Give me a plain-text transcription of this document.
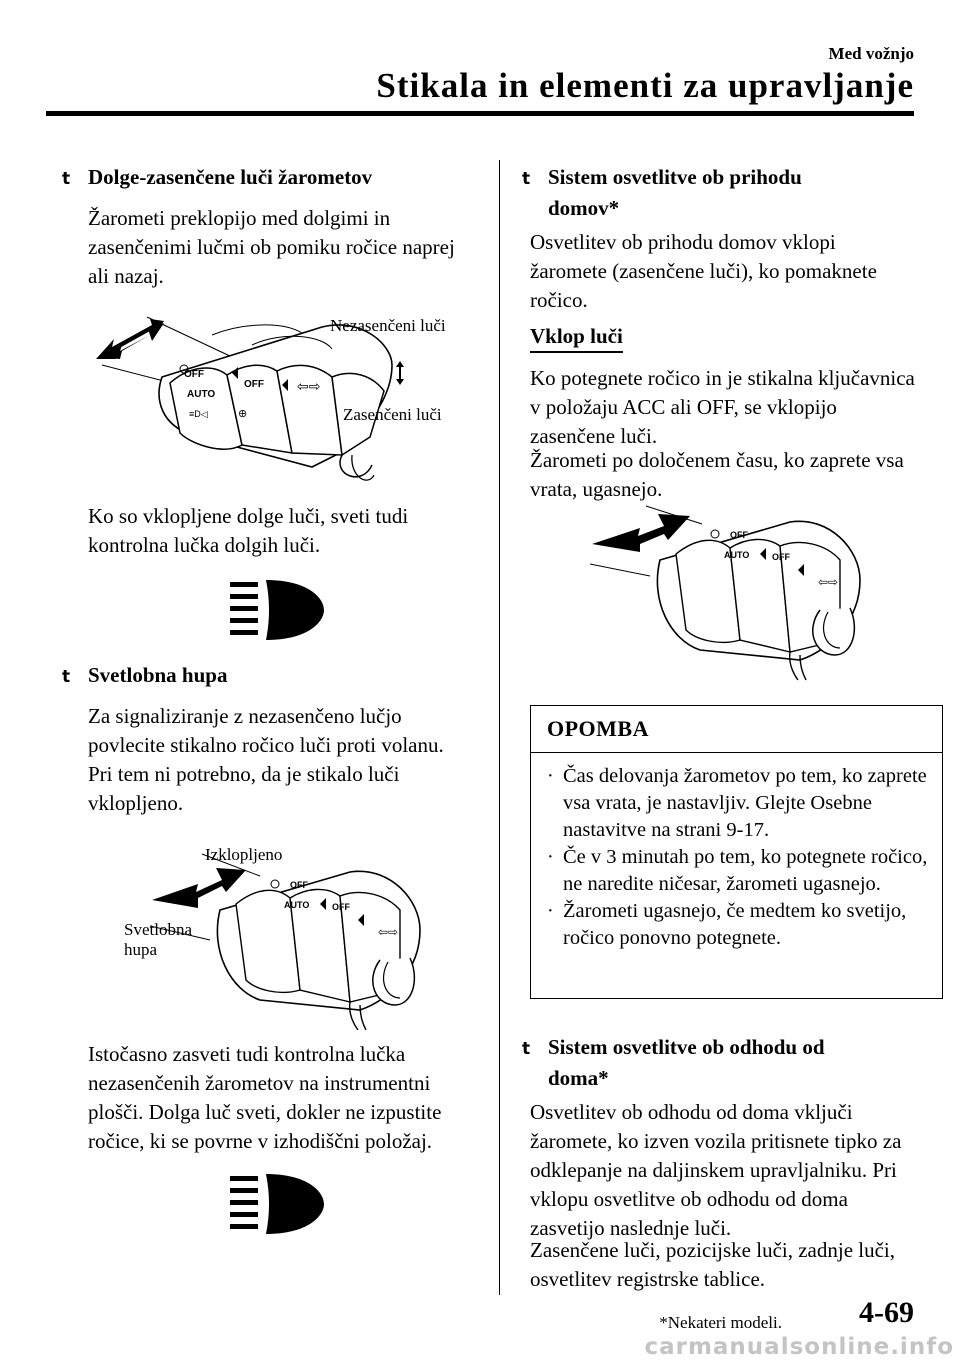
Med vožnjo
Stikala in elementi za upravljanje
t Dolge-zasenčene luči žarometov
Žarometi preklopijo med dolgimi in zasenčenimi lučmi ob pomiku ročice naprej ali nazaj.
OFF
AUTO
OFF ⇦⇨
≡D◁	⊕
Nezasenčeni luči
Zasenčeni luči
Ko so vklopljene dolge luči, sveti tudi kontrolna lučka dolgih luči.
t Svetlobna hupa
Za signaliziranje z nezasenčeno lučjo povlecite stikalno ročico luči proti volanu. Pri tem ni potrebno, da je stikalo luči vklopljeno.
OFF
AUTO	OFF
⇦⇨
Izklopljeno
Svetlobna
hupa
Istočasno zasveti tudi kontrolna lučka nezasenčenih žarometov na instrumentni plošči. Dolga luč sveti, dokler ne izpustite ročice, ki se povrne v izhodiščni položaj.
t Sistem osvetlitve ob prihodu
domov*
Osvetlitev ob prihodu domov vklopi žaromete (zasenčene luči), ko pomaknete ročico.
Vklop luči
Ko potegnete ročico in je stikalna ključavnica v položaju ACC ali OFF, se vklopijo zasenčene luči.
Žarometi po določenem času, ko zaprete vsa vrata, ugasnejo.
OFF
AUTO	OFF
⇦⇨
OPOMBA
· Čas delovanja žarometov po tem, ko zaprete vsa vrata, je nastavljiv. Glejte Osebne nastavitve na strani 9-17.
· Če v 3 minutah po tem, ko potegnete ročico, ne naredite ničesar, žarometi ugasnejo.
· Žarometi ugasnejo, če medtem ko svetijo, ročico ponovno potegnete.
t Sistem osvetlitve ob odhodu od
doma*
Osvetlitev ob odhodu od doma vključi žaromete, ko izven vozila pritisnete tipko za odklepanje na daljinskem upravljalniku. Pri vklopu osvetlitve ob odhodu od doma zasvetijo naslednje luči.
Zasenčene luči, pozicijske luči, zadnje luči, osvetlitev registrske tablice.
*Nekateri modeli.	4-69
carmanualsonline.info
